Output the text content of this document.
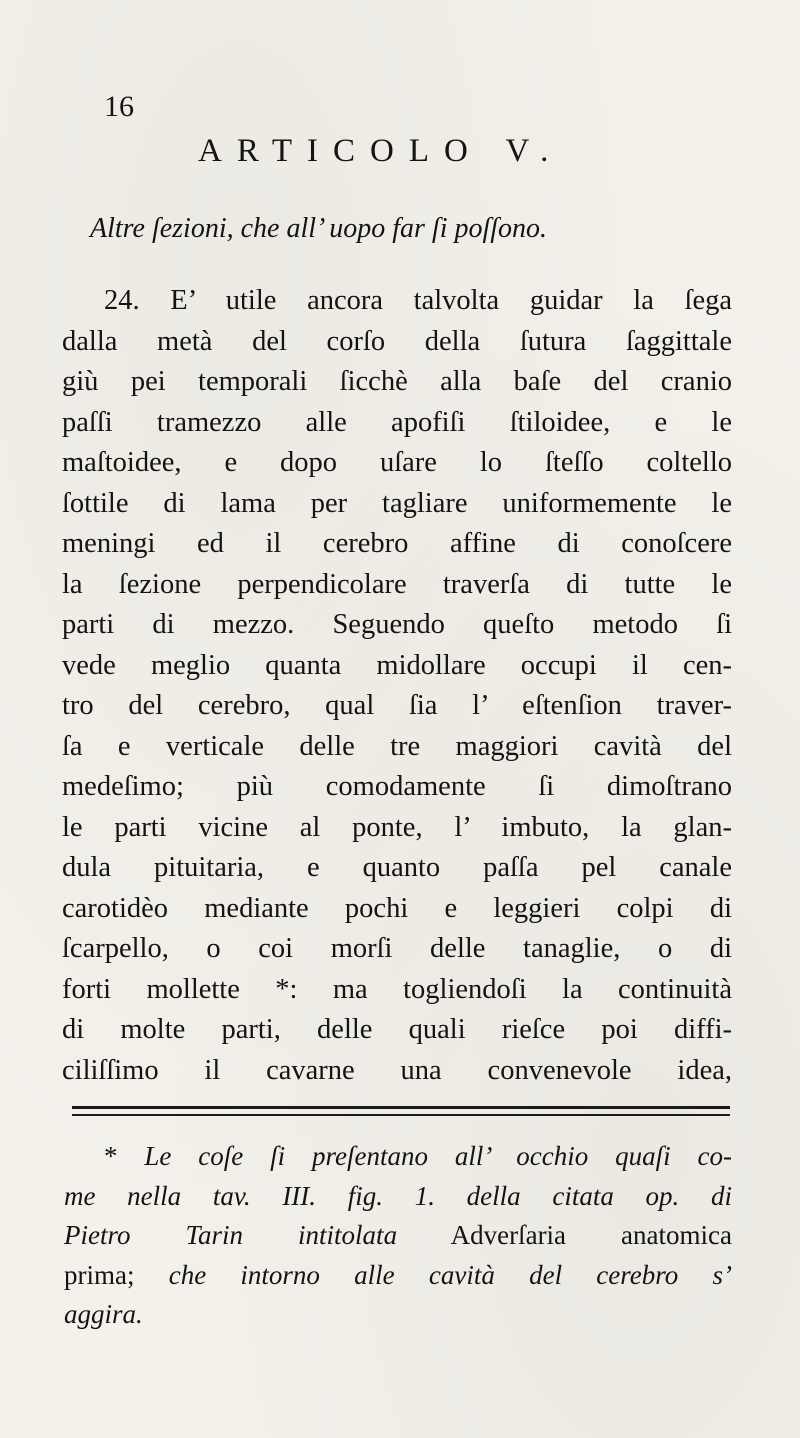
16
ARTICOLO V.
Altre ſezioni, che all’ uopo far ſi poſſono.
24. E’ utile ancora talvolta guidar la ſega
dalla metà del corſo della ſutura ſaggittale
giù pei temporali ſicchè alla baſe del cranio
paſſi tramezzo alle apofiſi ſtiloidee, e le
maſtoidee, e dopo uſare lo ſteſſo coltello
ſottile di lama per tagliare uniformemente le
meningi ed il cerebro affine di conoſcere
la ſezione perpendicolare traverſa di tutte le
parti di mezzo. Seguendo queſto metodo ſi
vede meglio quanta midollare occupi il cen-
tro del cerebro, qual ſia l’ eſtenſion traver-
ſa e verticale delle tre maggiori cavità del
medeſimo; più comodamente ſi dimoſtrano
le parti vicine al ponte, l’ imbuto, la glan-
dula pituitaria, e quanto paſſa pel canale
carotidèo mediante pochi e leggieri colpi di
ſcarpello, o coi morſi delle tanaglie, o di
forti mollette *: ma togliendoſi la continuità
di molte parti, delle quali rieſce poi diffi-
ciliſſimo il cavarne una convenevole idea,
* Le coſe ſi preſentano all’ occhio quaſi co-
me nella tav. III. fig. 1. della citata op. di
Pietro Tarin intitolata Adverſaria anatomica
prima; che intorno alle cavità del cerebro s’
aggira.
